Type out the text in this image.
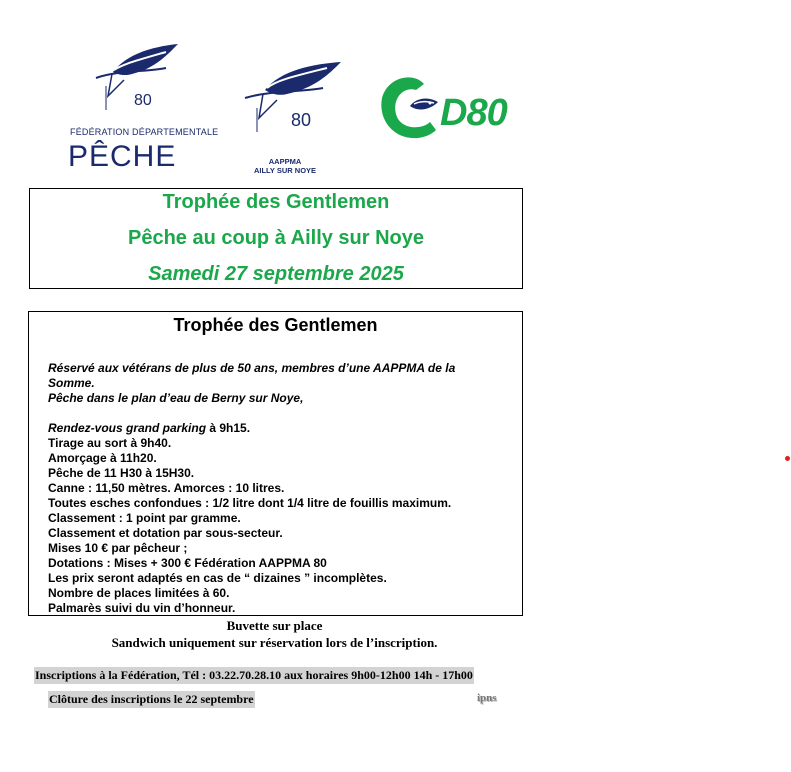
80
FÉDÉRATION DÉPARTEMENTALE
PÊCHE
80
AAPPMA
AILLY SUR NOYE
D80
Trophée des Gentlemen
Pêche au coup à Ailly sur Noye
Samedi 27 septembre 2025
Trophée des Gentlemen
Réservé aux vétérans de plus de 50 ans, membres d’une AAPPMA de la
Somme.
Pêche dans le plan d’eau de Berny sur Noye,
Rendez-vous grand parking à 9h15.
Tirage au sort à 9h40.
Amorçage à 11h20.
Pêche de 11 H30 à 15H30.
Canne : 11,50 mètres. Amorces : 10 litres.
Toutes esches confondues : 1/2 litre dont 1/4 litre de fouillis maximum.
Classement : 1 point par gramme.
Classement et dotation par sous-secteur.
Mises 10 € par pêcheur ;
Dotations : Mises + 300 € Fédération AAPPMA 80
Les prix seront adaptés en cas de “ dizaines ” incomplètes.
Nombre de places limitées à 60.
Palmarès suivi du vin d’honneur.
Buvette sur place
Sandwich uniquement sur réservation lors de l’inscription.
Inscriptions à la Fédération, Tél : 03.22.70.28.10 aux horaires 9h00-12h00 14h - 17h00
Clôture des inscriptions le 22 septembre	ipns
